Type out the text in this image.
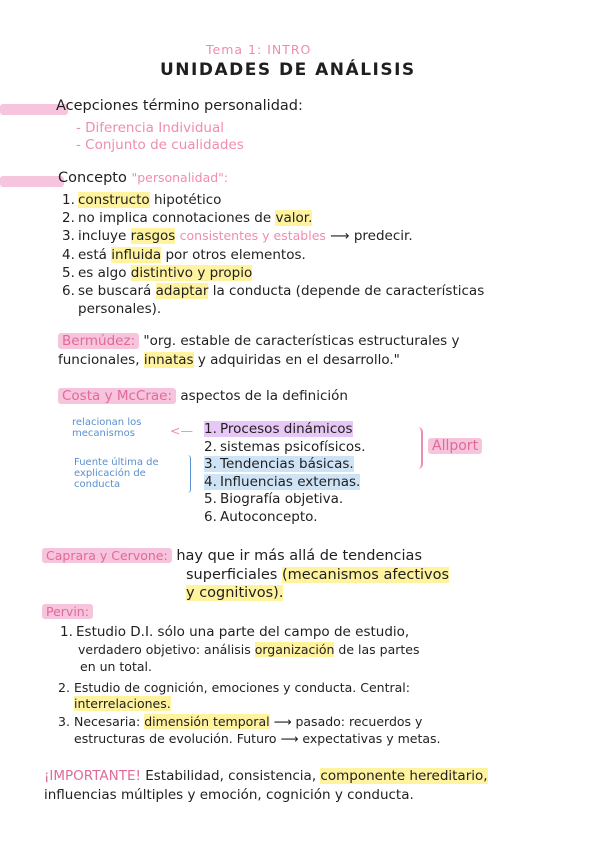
Tema 1: INTRO
UNIDADES DE ANÁLISIS
Acepciones término personalidad:
- Diferencia Individual
- Conjunto de cualidades
Concepto "personalidad":
1. constructo hipotético
2. no implica connotaciones de valor.
3. incluye rasgos consistentes y estables ⟶ predecir.
4. está influida por otros elementos.
5. es algo distintivo y propio
6. se buscará adaptar la conducta (depende de características
personales).
Bermúdez: "org. estable de características estructurales y
funcionales, innatas y adquiridas en el desarrollo."
Costa y McCrae: aspectos de la definición
relacionan los mecanismos	<—
Fuente última de explicación de conducta
1. Procesos dinámicos
2. sistemas psicofísicos.
3. Tendencias básicas.
4. Influencias externas.
5. Biografía objetiva.
6. Autoconcepto.
Allport
Caprara y Cervone: hay que ir más allá de tendencias
superficiales (mecanismos afectivos
y cognitivos).
Pervin:
1. Estudio D.I. sólo una parte del campo de estudio,
verdadero objetivo: análisis organización de las partes
en un total.
2. Estudio de cognición, emociones y conducta. Central:
interrelaciones.
3. Necesaria: dimensión temporal ⟶ pasado: recuerdos y
estructuras de evolución. Futuro ⟶ expectativas y metas.
¡IMPORTANTE! Estabilidad, consistencia, componente hereditario,
influencias múltiples y emoción, cognición y conducta.
